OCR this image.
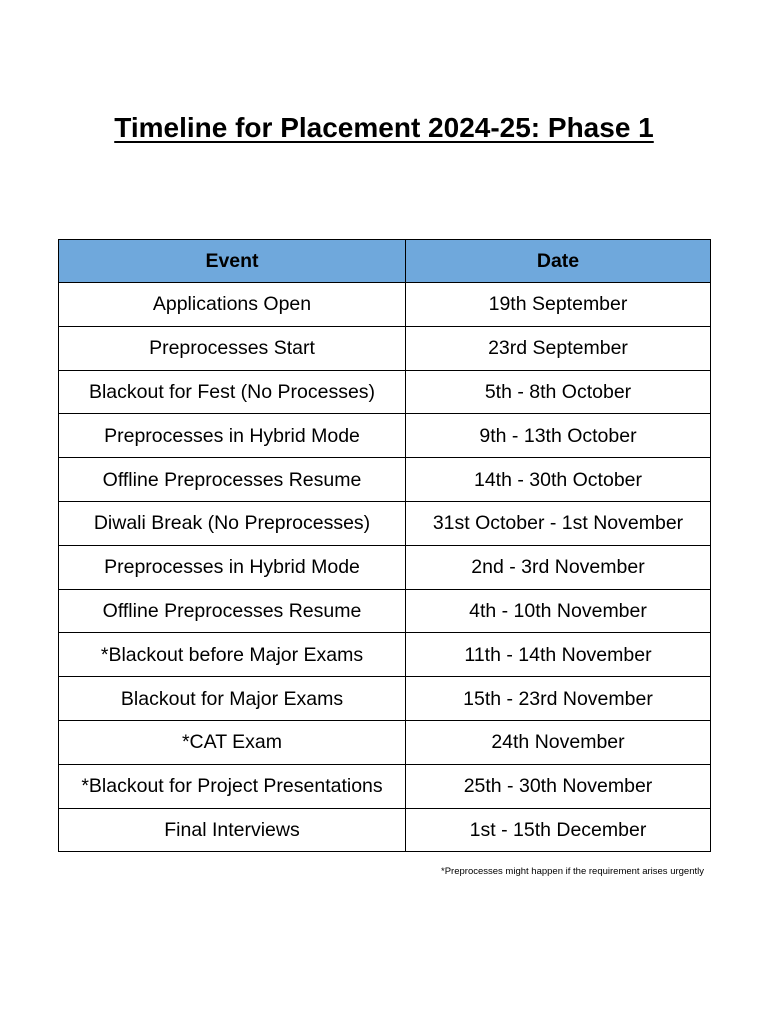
Timeline for Placement 2024-25: Phase 1
Event	Date
Applications Open	19th September
Preprocesses Start	23rd September
Blackout for Fest (No Processes)	5th - 8th October
Preprocesses in Hybrid Mode	9th - 13th October
Offline Preprocesses Resume	14th - 30th October
Diwali Break (No Preprocesses)	31st October - 1st November
Preprocesses in Hybrid Mode	2nd - 3rd November
Offline Preprocesses Resume	4th - 10th November
*Blackout before Major Exams	11th - 14th November
Blackout for Major Exams	15th - 23rd November
*CAT Exam	24th November
*Blackout for Project Presentations	25th - 30th November
Final Interviews	1st - 15th December

*Preprocesses might happen if the requirement arises urgently
